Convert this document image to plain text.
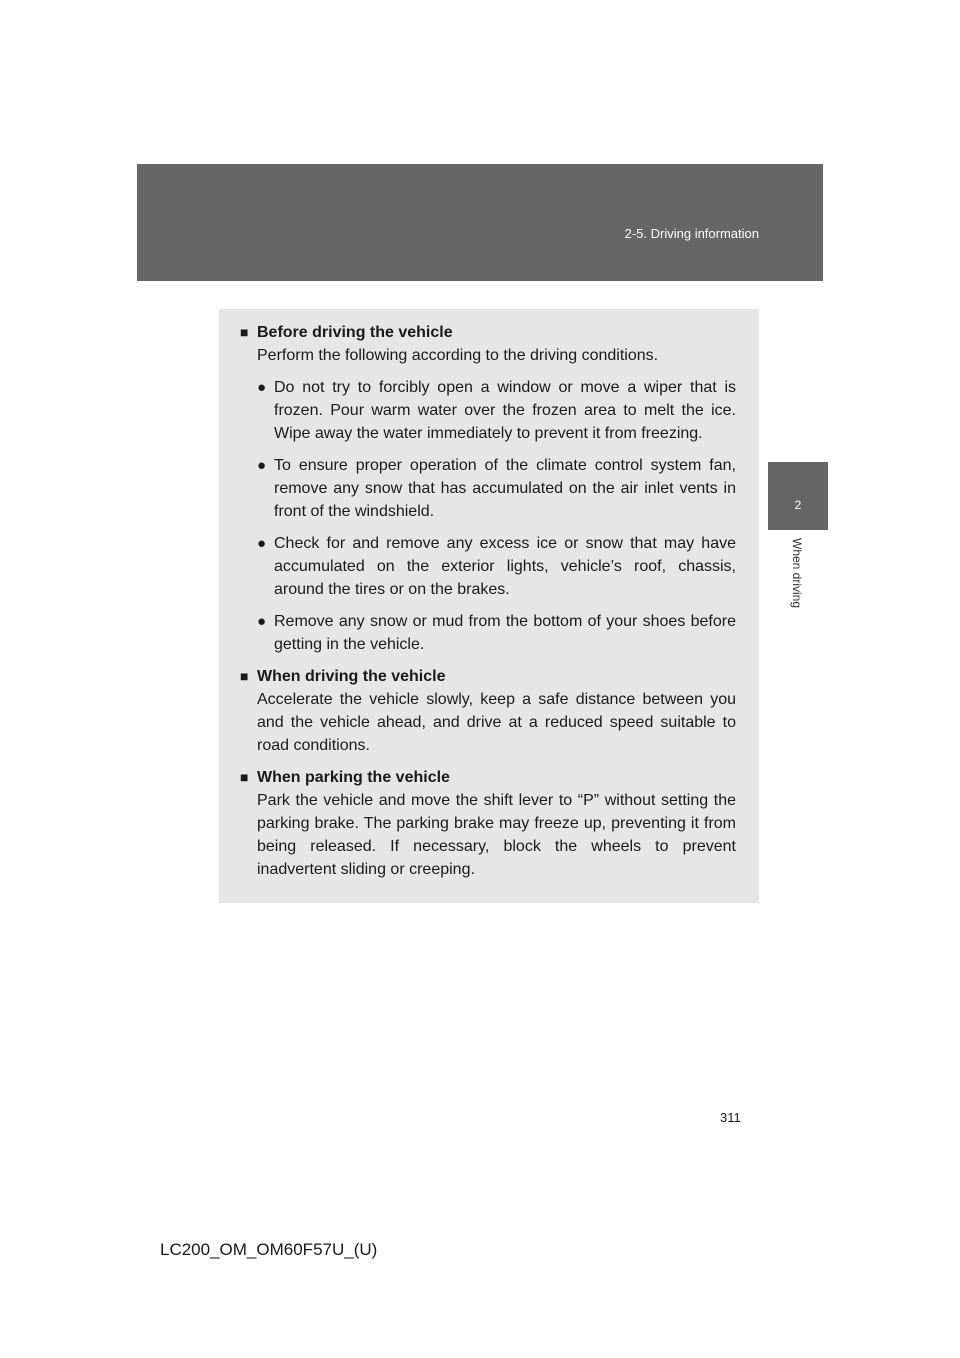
2-5. Driving information
2
When driving
■ Before driving the vehicle
Perform the following according to the driving conditions.
● Do not try to forcibly open a window or move a wiper that is frozen. Pour warm water over the frozen area to melt the ice. Wipe away the water immediately to prevent it from freezing.
● To ensure proper operation of the climate control system fan, remove any snow that has accumulated on the air inlet vents in front of the windshield.
● Check for and remove any excess ice or snow that may have accumulated on the exterior lights, vehicle’s roof, chassis, around the tires or on the brakes.
● Remove any snow or mud from the bottom of your shoes before getting in the vehicle.
■ When driving the vehicle
Accelerate the vehicle slowly, keep a safe distance between you and the vehicle ahead, and drive at a reduced speed suitable to road conditions.
■ When parking the vehicle
Park the vehicle and move the shift lever to “P” without setting the parking brake. The parking brake may freeze up, preventing it from being released. If necessary, block the wheels to prevent inadvertent sliding or creeping.
311
LC200_OM_OM60F57U_(U)
